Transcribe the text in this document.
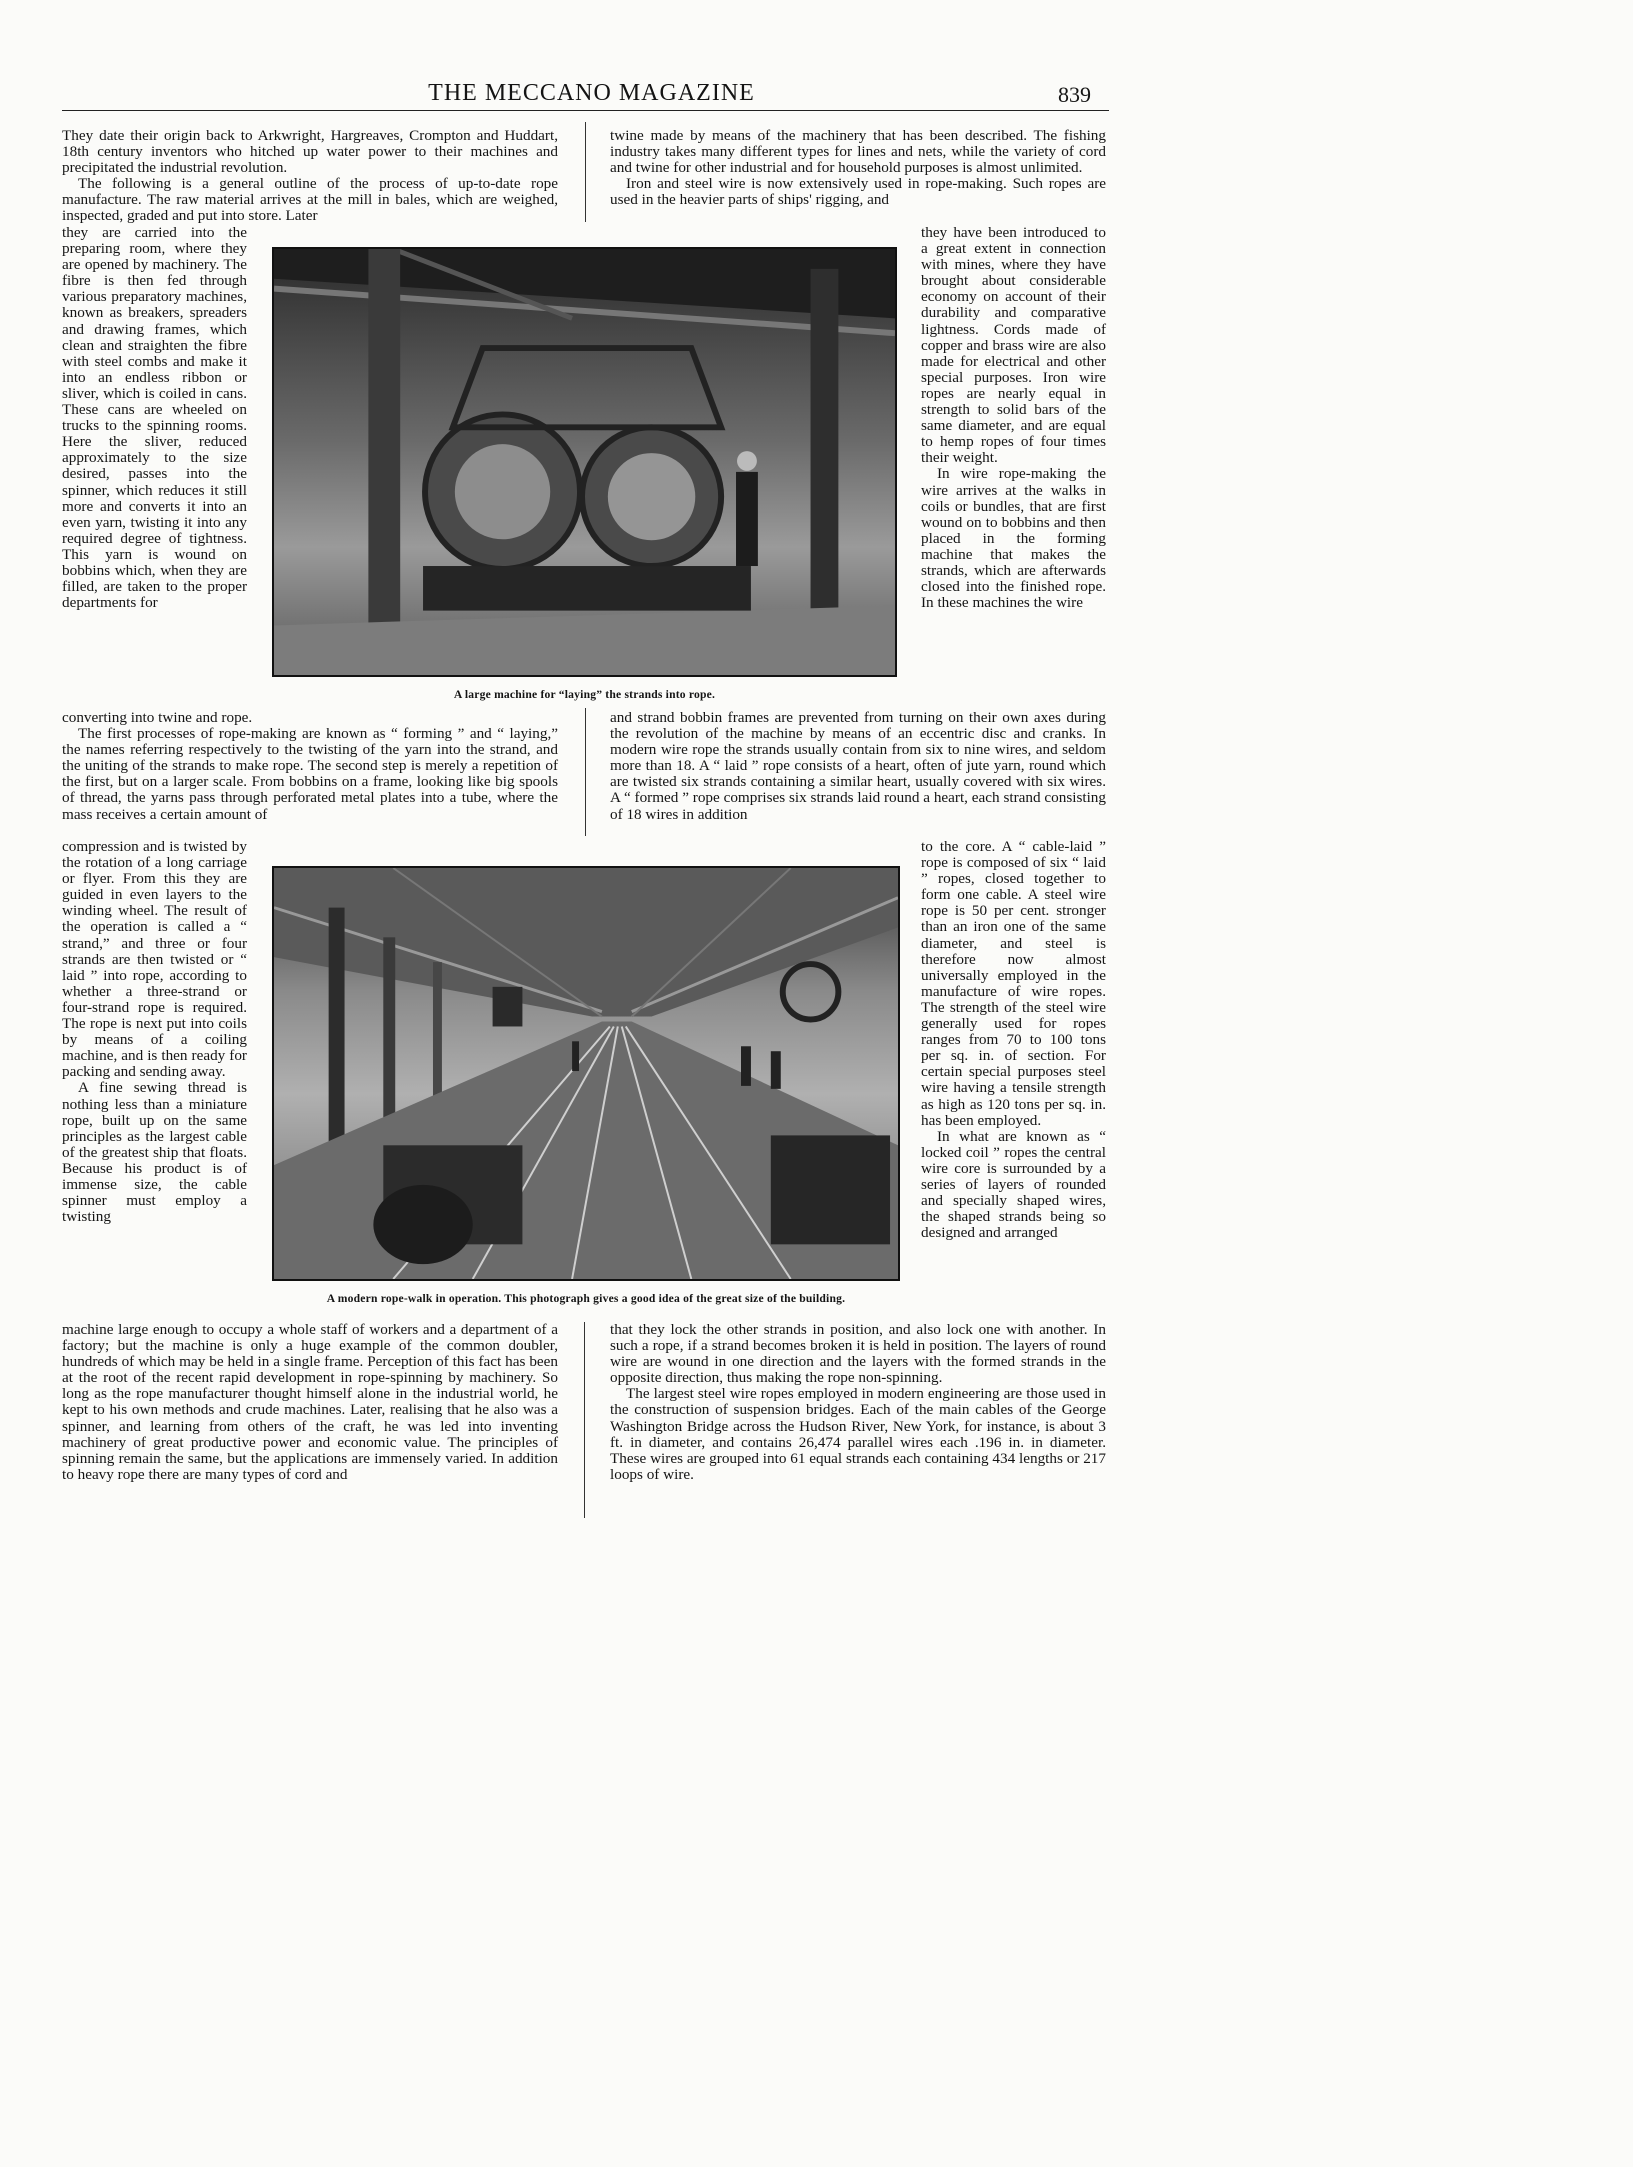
THE MECCANO MAGAZINE	839

They date their origin back to Arkwright, Hargreaves, Crompton and Huddart, 18th century inventors who hitched up water power to their machines and precipitated the industrial revolution.

The following is a general outline of the process of up-to-date rope manufacture. The raw material arrives at the mill in bales, which are weighed, inspected, graded and put into store. Later

they are carried into the preparing room, where they are opened by machinery. The fibre is then fed through various preparatory machines, known as breakers, spreaders and drawing frames, which clean and straighten the fibre with steel combs and make it into an endless ribbon or sliver, which is coiled in cans. These cans are wheeled on trucks to the spinning rooms. Here the sliver, reduced approximately to the size desired, passes into the spinner, which reduces it still more and converts it into an even yarn, twisting it into any required degree of tightness. This yarn is wound on bobbins which, when they are filled, are taken to the proper departments for

A large machine for “laying” the strands into rope.

twine made by means of the machinery that has been described. The fishing industry takes many different types for lines and nets, while the variety of cord and twine for other industrial and for household purposes is almost unlimited.

Iron and steel wire is now extensively used in rope-making. Such ropes are used in the heavier parts of ships' rigging, and

they have been introduced to a great extent in connection with mines, where they have brought about considerable economy on account of their durability and comparative lightness. Cords made of copper and brass wire are also made for electrical and other special purposes. Iron wire ropes are nearly equal in strength to solid bars of the same diameter, and are equal to hemp ropes of four times their weight.

In wire rope-making the wire arrives at the walks in coils or bundles, that are first wound on to bobbins and then placed in the forming machine that makes the strands, which are afterwards closed into the finished rope. In these machines the wire

converting into twine and rope.

The first processes of rope-making are known as “ forming ” and “ laying,” the names referring respectively to the twisting of the yarn into the strand, and the uniting of the strands to make rope. The second step is merely a repetition of the first, but on a larger scale. From bobbins on a frame, looking like big spools of thread, the yarns pass through perforated metal plates into a tube, where the mass receives a certain amount of

and strand bobbin frames are prevented from turning on their own axes during the revolution of the machine by means of an eccentric disc and cranks. In modern wire rope the strands usually contain from six to nine wires, and seldom more than 18. A “ laid ” rope consists of a heart, often of jute yarn, round which are twisted six strands containing a similar heart, usually covered with six wires. A “ formed ” rope comprises six strands laid round a heart, each strand consisting of 18 wires in addition

compression and is twisted by the rotation of a long carriage or flyer. From this they are guided in even layers to the winding wheel. The result of the operation is called a “ strand,” and three or four strands are then twisted or “ laid ” into rope, according to whether a three-strand or four-strand rope is required. The rope is next put into coils by means of a coiling machine, and is then ready for packing and sending away.

A fine sewing thread is nothing less than a miniature rope, built up on the same principles as the largest cable of the greatest ship that floats. Because his product is of immense size, the cable spinner must employ a twisting

A modern rope-walk in operation. This photograph gives a good idea of the great size of the building.

to the core. A “ cable-laid ” rope is composed of six “ laid ” ropes, closed together to form one cable. A steel wire rope is 50 per cent. stronger than an iron one of the same diameter, and steel is therefore now almost universally employed in the manufacture of wire ropes. The strength of the steel wire generally used for ropes ranges from 70 to 100 tons per sq. in. of section. For certain special purposes steel wire having a tensile strength as high as 120 tons per sq. in. has been employed.

In what are known as “ locked coil ” ropes the central wire core is surrounded by a series of layers of rounded and specially shaped wires, the shaped strands being so designed and arranged

machine large enough to occupy a whole staff of workers and a department of a factory; but the machine is only a huge example of the common doubler, hundreds of which may be held in a single frame. Perception of this fact has been at the root of the recent rapid development in rope-spinning by machinery. So long as the rope manufacturer thought himself alone in the industrial world, he kept to his own methods and crude machines. Later, realising that he also was a spinner, and learning from others of the craft, he was led into inventing machinery of great productive power and economic value. The principles of spinning remain the same, but the applications are immensely varied. In addition to heavy rope there are many types of cord and

that they lock the other strands in position, and also lock one with another. In such a rope, if a strand becomes broken it is held in position. The layers of round wire are wound in one direction and the layers with the formed strands in the opposite direction, thus making the rope non-spinning.

The largest steel wire ropes employed in modern engineering are those used in the construction of suspension bridges. Each of the main cables of the George Washington Bridge across the Hudson River, New York, for instance, is about 3 ft. in diameter, and contains 26,474 parallel wires each .196 in. in diameter. These wires are grouped into 61 equal strands each containing 434 lengths or 217 loops of wire.
